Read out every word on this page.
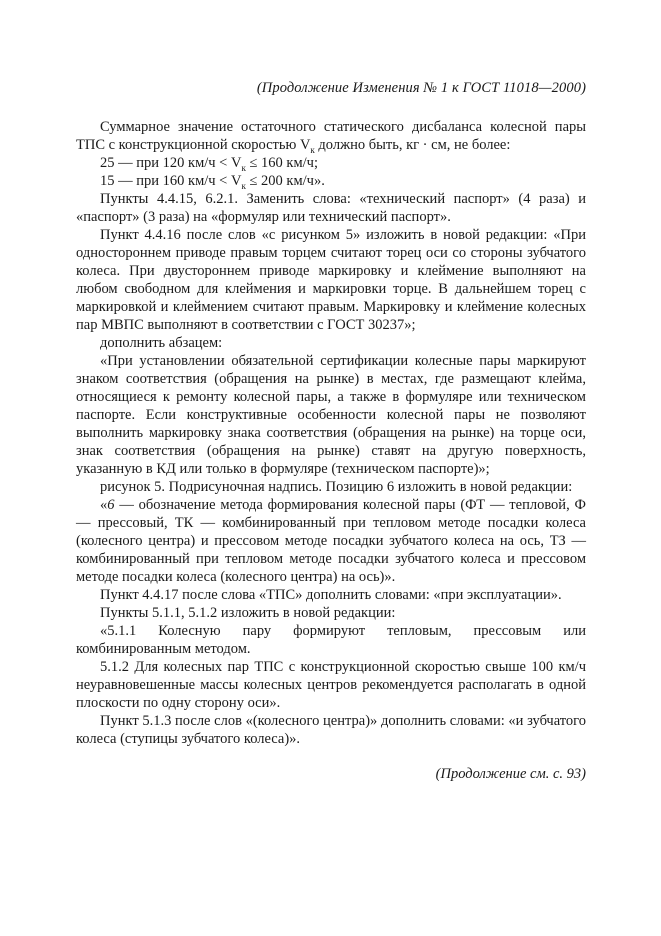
(Продолжение Изменения № 1 к ГОСТ 11018—2000)

Суммарное значение остаточного статического дисбаланса колесной пары ТПС с конструкционной скоростью $V_к$ должно быть, кг · см, не более:

25 — при 120 $км/ч < V_к \le 160$ км/ч;

15 — при 160 $км/ч < V_к \le 200$ км/ч».

Пункты 4.4.15, 6.2.1. Заменить слова: «технический паспорт» (4 раза) и «паспорт» (3 раза) на «формуляр или технический паспорт».

Пункт 4.4.16 после слов «с рисунком 5» изложить в новой редакции: «При одностороннем приводе правым торцем считают торец оси со стороны зубчатого колеса. При двустороннем приводе маркировку и клеймение выполняют на любом свободном для клеймения и маркировки торце. В дальнейшем торец с маркировкой и клеймением считают правым. Маркировку и клеймение колесных пар МВПС выполняют в соответствии с ГОСТ 30237»;

дополнить абзацем:

«При установлении обязательной сертификации колесные пары маркируют знаком соответствия (обращения на рынке) в местах, где размещают клейма, относящиеся к ремонту колесной пары, а также в формуляре или техническом паспорте. Если конструктивные особенности колесной пары не позволяют выполнить маркировку знака соответствия (обращения на рынке) на торце оси, знак соответствия (обращения на рынке) ставят на другую поверхность, указанную в КД или только в формуляре (техническом паспорте)»;

рисунок 5. Подрисуночная надпись. Позицию 6 изложить в новой редакции:

«6 — обозначение метода формирования колесной пары (ФТ — тепловой, Ф — прессовый, ТК — комбинированный при тепловом методе посадки колеса (колесного центра) и прессовом методе посадки зубчатого колеса на ось, ТЗ — комбинированный при тепловом методе посадки зубчатого колеса и прессовом методе посадки колеса (колесного центра) на ось)».

Пункт 4.4.17 после слова «ТПС» дополнить словами: «при эксплуатации».

Пункты 5.1.1, 5.1.2 изложить в новой редакции:

«5.1.1 Колесную пару формируют тепловым, прессовым или комбинированным методом.

5.1.2 Для колесных пар ТПС с конструкционной скоростью свыше 100 км/ч неуравновешенные массы колесных центров рекомендуется располагать в одной плоскости по одну сторону оси».

Пункт 5.1.3 после слов «(колесного центра)» дополнить словами: «и зубчатого колеса (ступицы зубчатого колеса)».

(Продолжение см. с. 93)
